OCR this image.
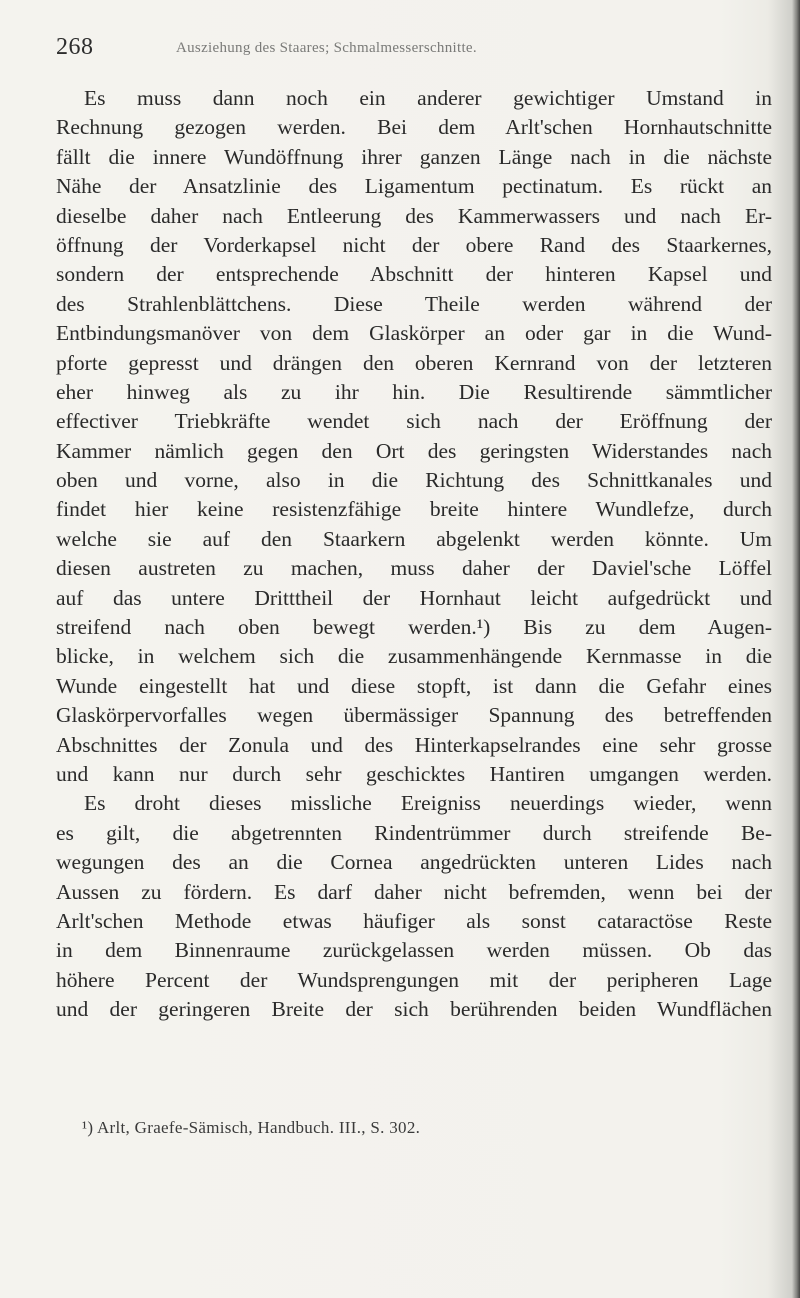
268	Ausziehung des Staares; Schmalmesserschnitte.
Es muss dann noch ein anderer gewichtiger Umstand in
Rechnung gezogen werden. Bei dem Arlt'schen Hornhautschnitte
fällt die innere Wundöffnung ihrer ganzen Länge nach in die nächste
Nähe der Ansatzlinie des Ligamentum pectinatum. Es rückt an
dieselbe daher nach Entleerung des Kammerwassers und nach Er-
öffnung der Vorderkapsel nicht der obere Rand des Staarkernes,
sondern der entsprechende Abschnitt der hinteren Kapsel und
des Strahlenblättchens. Diese Theile werden während der
Entbindungsmanöver von dem Glaskörper an oder gar in die Wund-
pforte gepresst und drängen den oberen Kernrand von der letzteren
eher hinweg als zu ihr hin. Die Resultirende sämmtlicher
effectiver Triebkräfte wendet sich nach der Eröffnung der
Kammer nämlich gegen den Ort des geringsten Widerstandes nach
oben und vorne, also in die Richtung des Schnittkanales und
findet hier keine resistenzfähige breite hintere Wundlefze, durch
welche sie auf den Staarkern abgelenkt werden könnte. Um
diesen austreten zu machen, muss daher der Daviel'sche Löffel
auf das untere Dritttheil der Hornhaut leicht aufgedrückt und
streifend nach oben bewegt werden.¹) Bis zu dem Augen-
blicke, in welchem sich die zusammenhängende Kernmasse in die
Wunde eingestellt hat und diese stopft, ist dann die Gefahr eines
Glaskörpervorfalles wegen übermässiger Spannung des betreffenden
Abschnittes der Zonula und des Hinterkapselrandes eine sehr grosse
und kann nur durch sehr geschicktes Hantiren umgangen werden.
Es droht dieses missliche Ereigniss neuerdings wieder, wenn
es gilt, die abgetrennten Rindentrümmer durch streifende Be-
wegungen des an die Cornea angedrückten unteren Lides nach
Aussen zu fördern. Es darf daher nicht befremden, wenn bei der
Arlt'schen Methode etwas häufiger als sonst cataractöse Reste
in dem Binnenraume zurückgelassen werden müssen. Ob das
höhere Percent der Wundsprengungen mit der peripheren Lage
und der geringeren Breite der sich berührenden beiden Wundflächen
¹) Arlt, Graefe-Sämisch, Handbuch. III., S. 302.
